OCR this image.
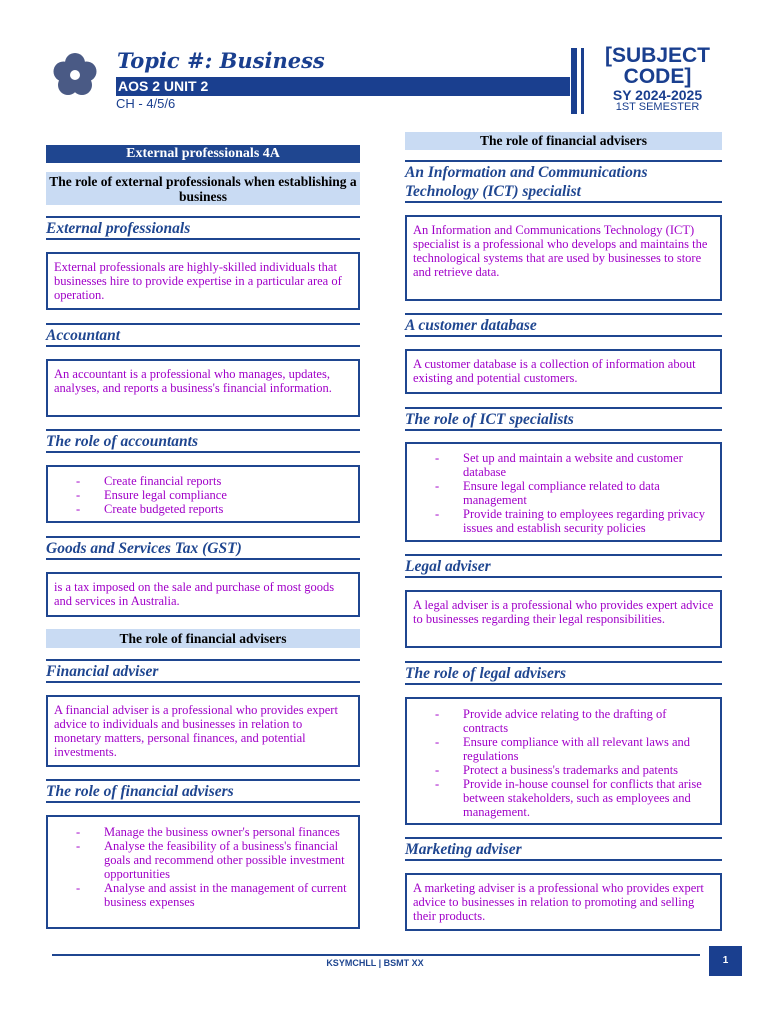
Topic #: Business
AOS 2 UNIT 2
CH - 4/5/6
[SUBJECT CODE]
SY 2024-2025
1ST SEMESTER
External professionals 4A
The role of external professionals when establishing a business
External professionals
External professionals are highly-skilled individuals that businesses hire to provide expertise in a particular area of operation.
Accountant
An accountant is a professional who manages, updates, analyses, and reports a business's financial information.
The role of accountants
- Create financial reports
- Ensure legal compliance
- Create budgeted reports
Goods and Services Tax (GST)
is a tax imposed on the sale and purchase of most goods and services in Australia.
The role of financial advisers
Financial adviser
A financial adviser is a professional who provides expert advice to individuals and businesses in relation to monetary matters, personal finances, and potential investments.
The role of financial advisers
- Manage the business owner's personal finances
- Analyse the feasibility of a business's financial goals and recommend other possible investment opportunities
- Analyse and assist in the management of current business expenses
The role of financial advisers
An Information and Communications Technology (ICT) specialist
An Information and Communications Technology (ICT) specialist is a professional who develops and maintains the technological systems that are used by businesses to store and retrieve data.
A customer database
A customer database is a collection of information about existing and potential customers.
The role of ICT specialists
- Set up and maintain a website and customer database
- Ensure legal compliance related to data management
- Provide training to employees regarding privacy issues and establish security policies
Legal adviser
A legal adviser is a professional who provides expert advice to businesses regarding their legal responsibilities.
The role of legal advisers
- Provide advice relating to the drafting of contracts
- Ensure compliance with all relevant laws and regulations
- Protect a business's trademarks and patents
- Provide in-house counsel for conflicts that arise between stakeholders, such as employees and management.
Marketing adviser
A marketing adviser is a professional who provides expert advice to businesses in relation to promoting and selling their products.
KSYMCHLL | BSMT XX	1
